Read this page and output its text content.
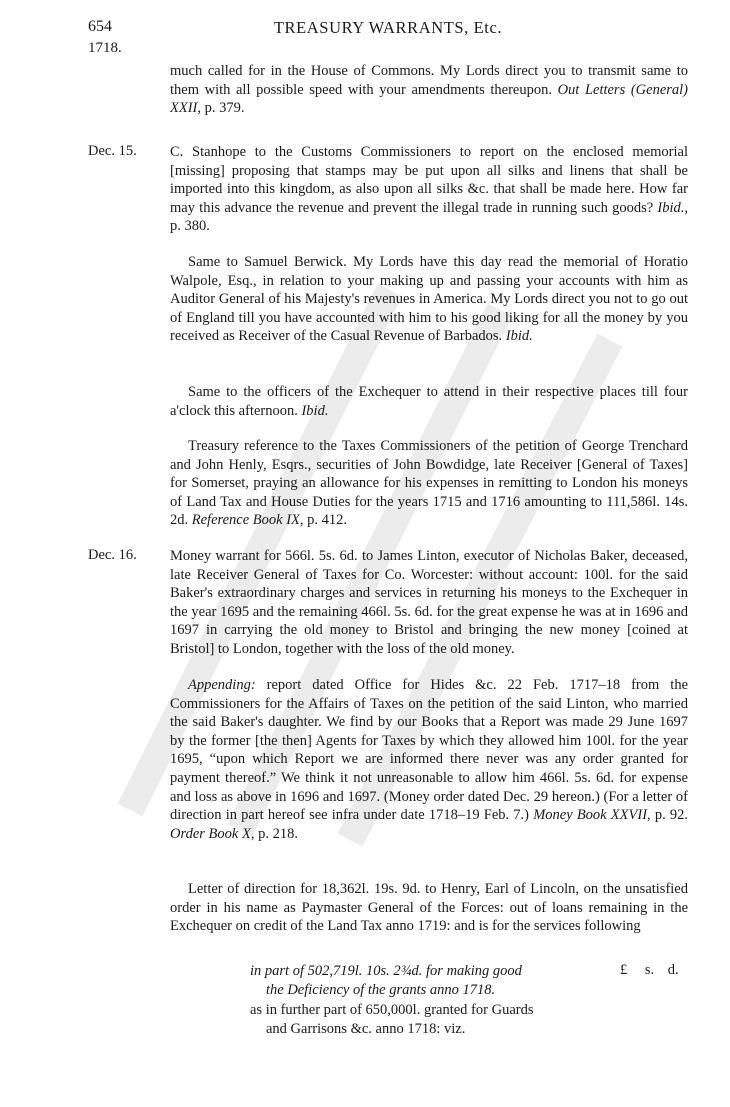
654	TREASURY WARRANTS, Etc.
1718.

much called for in the House of Commons. My Lords direct you to transmit same to them with all possible speed with your amendments thereupon. Out Letters (General) XXII, p. 379.

Dec. 15. C. Stanhope to the Customs Commissioners to report on the enclosed memorial [missing] proposing that stamps may be put upon all silks and linens that shall be imported into this kingdom, as also upon all silks &c. that shall be made here. How far may this advance the revenue and prevent the illegal trade in running such goods? Ibid., p. 380.

Same to Samuel Berwick. My Lords have this day read the memorial of Horatio Walpole, Esq., in relation to your making up and passing your accounts with him as Auditor General of his Majesty's revenues in America. My Lords direct you not to go out of England till you have accounted with him to his good liking for all the money by you received as Receiver of the Casual Revenue of Barbados. Ibid.

Same to the officers of the Exchequer to attend in their respective places till four a'clock this afternoon. Ibid.

Treasury reference to the Taxes Commissioners of the petition of George Trenchard and John Henly, Esqrs., securities of John Bowdidge, late Receiver [General of Taxes] for Somerset, praying an allowance for his expenses in remitting to London his moneys of Land Tax and House Duties for the years 1715 and 1716 amounting to 111,586l. 14s. 2d. Reference Book IX, p. 412.

Dec. 16. Money warrant for 566l. 5s. 6d. to James Linton, executor of Nicholas Baker, deceased, late Receiver General of Taxes for Co. Worcester: without account: 100l. for the said Baker's extraordinary charges and services in returning his moneys to the Exchequer in the year 1695 and the remaining 466l. 5s. 6d. for the great expense he was at in 1696 and 1697 in carrying the old money to Bristol and bringing the new money [coined at Bristol] to London, together with the loss of the old money.

Appending: report dated Office for Hides &c. 22 Feb. 1717–18 from the Commissioners for the Affairs of Taxes on the petition of the said Linton, who married the said Baker's daughter. We find by our Books that a Report was made 29 June 1697 by the former [the then] Agents for Taxes by which they allowed him 100l. for the year 1695, “upon which Report we are informed there never was any order granted for payment thereof.” We think it not unreasonable to allow him 466l. 5s. 6d. for expense and loss as above in 1696 and 1697. (Money order dated Dec. 29 hereon.) (For a letter of direction in part hereof see infra under date 1718–19 Feb. 7.) Money Book XXVII, p. 92. Order Book X, p. 218.

Letter of direction for 18,362l. 19s. 9d. to Henry, Earl of Lincoln, on the unsatisfied order in his name as Paymaster General of the Forces: out of loans remaining in the Exchequer on credit of the Land Tax anno 1719: and is for the services following

in part of 502,719l. 10s. 2¾d. for making good the Deficiency of the grants anno 1718.
as in further part of 650,000l. granted for Guards and Garrisons &c. anno 1718: viz.
£ s. d.
